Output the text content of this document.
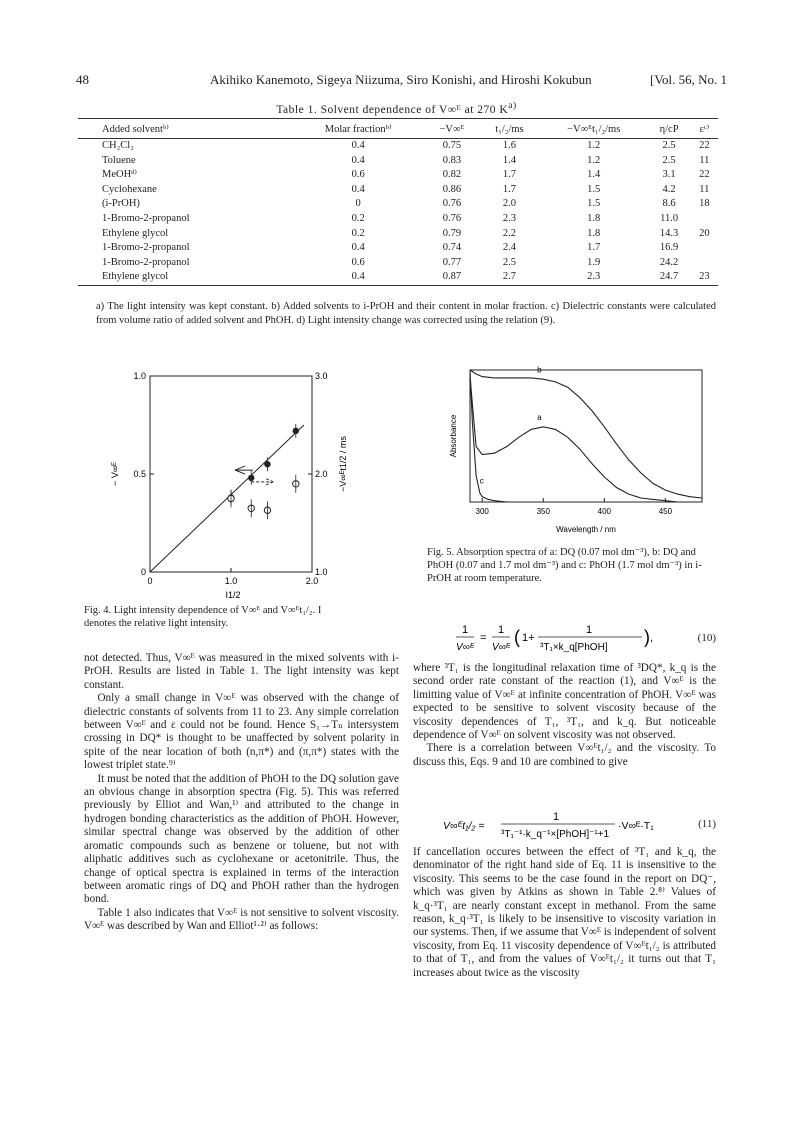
48	Akihiko Kanemoto, Sigeya Niizuma, Siro Konishi, and Hiroshi Kokubun	[Vol. 56, No. 1
Table 1. Solvent dependence of V∞ᴱ at 270 $K^{a)}$
Added solventᵇ⁾	Molar fractionᵇ⁾	−V∞ᴱ	t₁/₂/ms	−V∞ᴱt₁/₂/ms	η/cP	εᶜ⁾
CH₂Cl₂	0.4	0.75	1.6	1.2	2.5	22
Toluene	0.4	0.83	1.4	1.2	2.5	11
MeOHᵈ⁾	0.6	0.82	1.7	1.4	3.1	22
Cyclohexane	0.4	0.86	1.7	1.5	4.2	11
(i-PrOH)	0	0.76	2.0	1.5	8.6	18
1-Bromo-2-propanol	0.2	0.76	2.3	1.8	11.0	
Ethylene glycol	0.2	0.79	2.2	1.8	14.3	20
1-Bromo-2-propanol	0.4	0.74	2.4	1.7	16.9	
1-Bromo-2-propanol	0.6	0.77	2.5	1.9	24.2	
Ethylene glycol	0.4	0.87	2.7	2.3	24.7	23
a) The light intensity was kept constant. b) Added solvents to i-PrOH and their content in molar fraction. c) Dielectric constants were calculated from volume ratio of added solvent and PhOH. d) Light intensity change was corrected using the relation (9).
0	1.0	2.0
0
0.5
1.0
1.0
2.0
3.0
I1/2
− V∞ᴱ	−V∞ᴱt1/2 / ms
Fig. 4. Light intensity dependence of V∞ᴱ and V∞ᴱt₁/₂. I denotes the relative light intensity.
300	350	400	450
Wavelength / nm
Absorbance	a
b
c
Fig. 5. Absorption spectra of a: DQ (0.07 mol dm⁻³), b: DQ and PhOH (0.07 and 1.7 mol dm⁻³) and c: PhOH (1.7 mol dm⁻³) in i-PrOH at room temperature.

not detected. Thus, V∞ᴱ was measured in the mixed solvents with i-PrOH. Results are listed in Table 1. The light intensity was kept constant.

Only a small change in V∞ᴱ was observed with the change of dielectric constants of solvents from 11 to 23. Any simple correlation between V∞ᴱ and ε could not be found. Hence S₁→Tₙ intersystem crossing in DQ* is thought to be unaffected by solvent polarity in spite of the near location of both (n,π*) and (π,π*) states with the lowest triplet state.⁹⁾

It must be noted that the addition of PhOH to the DQ solution gave an obvious change in absorption spectra (Fig. 5). This was referred previously by Elliot and Wan,¹⁾ and attributed to the change in hydrogen bonding characteristics as the addition of PhOH. However, similar spectral change was observed by the addition of other aromatic compounds such as benzene or toluene, but not with aliphatic additives such as cyclohexane or acetonitrile. Thus, the change of optical spectra is explained in terms of the interaction between aromatic rings of DQ and PhOH rather than the hydrogen bond.

Table 1 also indicates that V∞ᴱ is not sensitive to solvent viscosity. V∞ᴱ was described by Wan and Elliot¹·²⁾ as follows:

1
V∞ᴱ
=
1
V∞ᴱ
( 1+
1
³T₁×k_q[PhOH]
) ,	(10)

where ³T₁ is the longitudinal relaxation time of ³DQ*, k_q is the second order rate constant of the reaction (1), and V∞ᴱ is the limitting value of V∞ᴱ at infinite concentration of PhOH. V∞ᴱ was expected to be sensitive to solvent viscosity because of the viscosity dependences of T₁, ³T₁, and k_q. But noticeable dependence of V∞ᴱ on solvent viscosity was not observed.

There is a correlation between V∞ᴱt₁/₂ and the viscosity. To discuss this, Eqs. 9 and 10 are combined to give

V∞ᴱt₁/₂ =
1
³T₁⁻¹·k_q⁻¹×[PhOH]⁻¹+1
·V∞ᴱ·T₁	(11)

If cancellation occures between the effect of ³T₁ and k_q, the denominator of the right hand side of Eq. 11 is insensitive to the viscosity. This seems to be the case found in the report on DQ⁻, which was given by Atkins as shown in Table 2.⁸⁾ Values of k_q·³T₁ are nearly constant except in methanol. From the same reason, k_q·³T₁ is likely to be insensitive to viscosity variation in our systems. Then, if we assume that V∞ᴱ is independent of solvent viscosity, from Eq. 11 viscosity dependence of V∞ᴱt₁/₂ is attributed to that of T₁, and from the values of V∞ᴱt₁/₂ it turns out that T₁ increases about twice as the viscosity
